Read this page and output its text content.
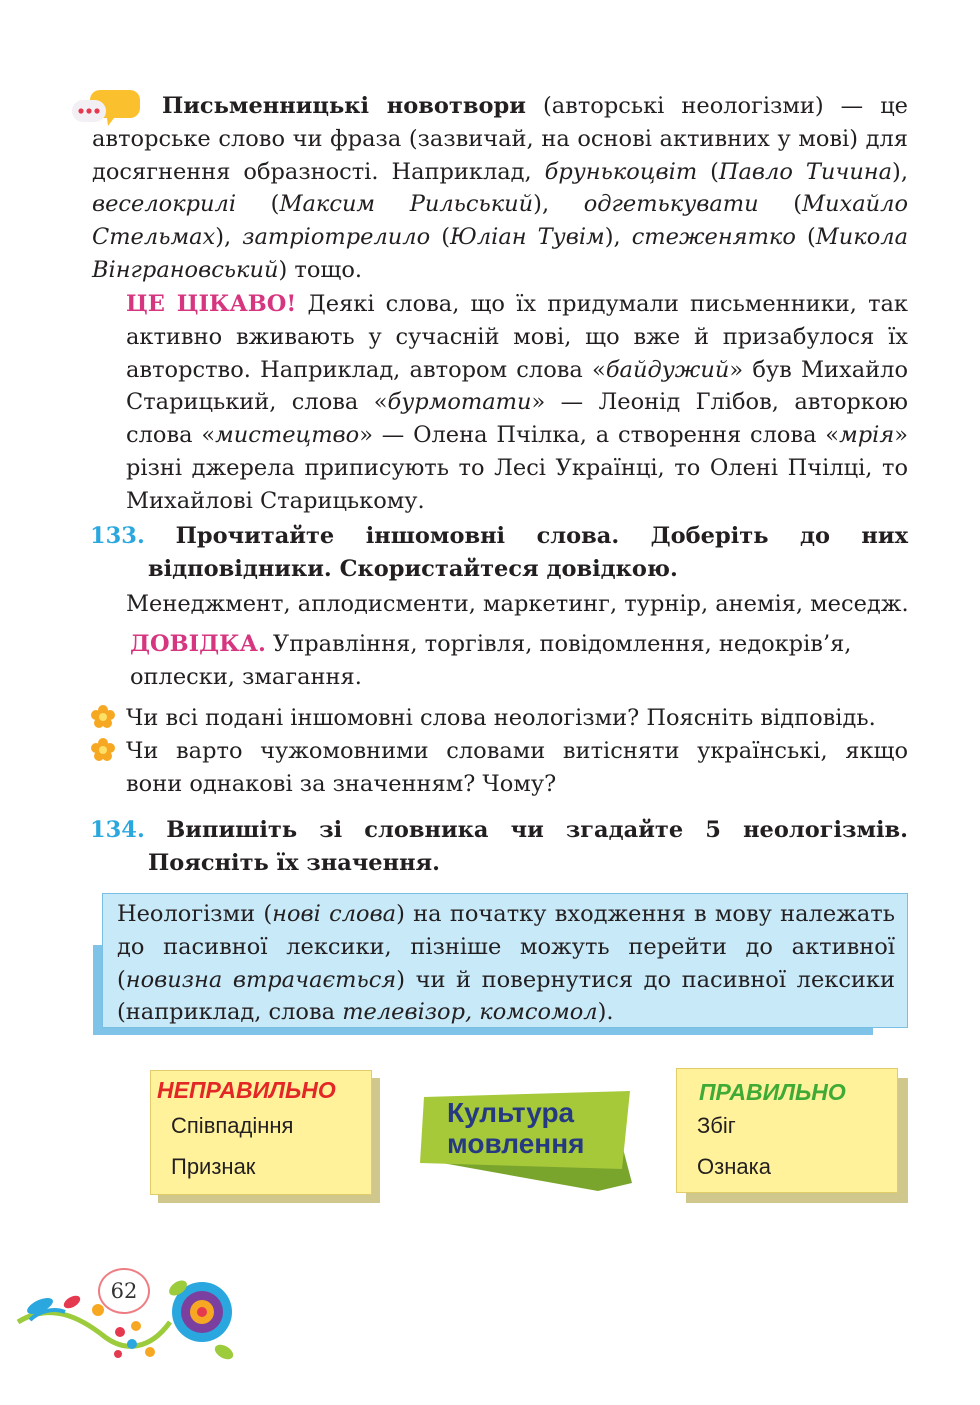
Письменницькі новотвори (авторські неологізми) — це авторське слово чи фраза (зазвичай, на основі активних у мові) для досягнення образності. Наприклад, брунькоцвіт (Павло Тичина), веселокрилі (Максим Рильський), одгетькувати (Михайло Стельмах), затріотрелило (Юліан Тувім), стеженятко (Микола Вінграновський) тощо.

ЦЕ ЦІКАВО! Деякі слова, що їх придумали письменники, так активно вживають у сучасній мові, що вже й призабулося їх авторство. Наприклад, автором слова «байдужий» був Михайло Старицький, слова «бурмотати» — Леонід Глібов, авторкою слова «мистецтво» — Олена Пчілка, а створення слова «мрія» різні джерела приписують то Лесі Українці, то Олені Пчілці, то Михайлові Старицькому.

133. Прочитайте іншомовні слова. Доберіть до них відповідники. Скористайтеся довідкою.

Менеджмент, аплодисменти, маркетинг, турнір, анемія, меседж.

ДОВІДКА. Управління, торгівля, повідомлення, недокрів’я, оплески, змагання.

Чи всі подані іншомовні слова неологізми? Поясніть відповідь.

Чи варто чужомовними словами витісняти українські, якщо вони однакові за значенням? Чому?

134. Випишіть зі словника чи згадайте 5 неологізмів. Поясніть їх значення.

Неологізми (нові слова) на початку входження в мову належать до пасивної лексики, пізніше можуть перейти до активної (новизна втрачається) чи й повернутися до пасивної лексики (наприклад, слова телевізор, комсомол).

НЕПРАВИЛЬНО
Співпадіння
Признак
Культура
мовлення
ПРАВИЛЬНО
Збіг
Ознака
62
